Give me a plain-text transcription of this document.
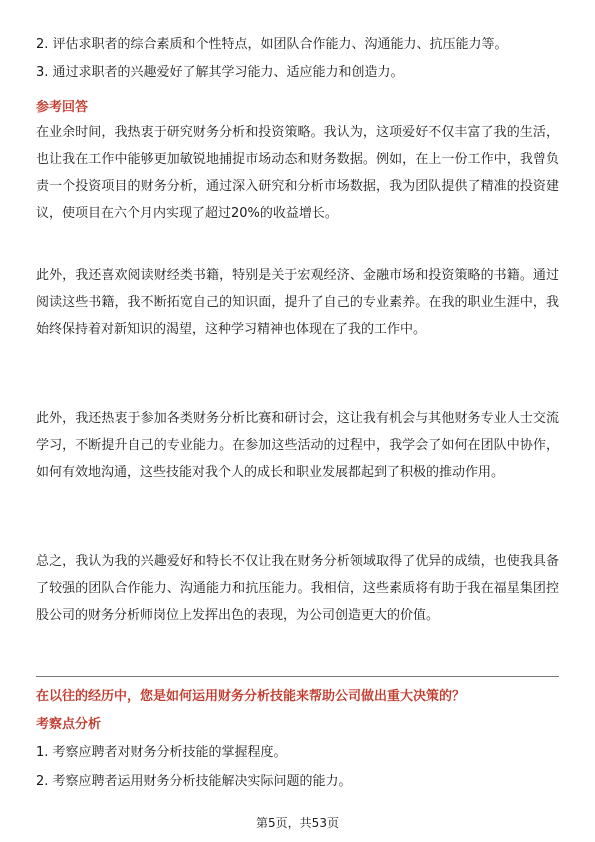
2. 评估求职者的综合素质和个性特点，如团队合作能力、沟通能力、抗压能力等。
3. 通过求职者的兴趣爱好了解其学习能力、适应能力和创造力。
参考回答
在业余时间，我热衷于研究财务分析和投资策略。我认为，这项爱好不仅丰富了我的生活，也让我在工作中能够更加敏锐地捕捉市场动态和财务数据。例如，在上一份工作中，我曾负责一个投资项目的财务分析，通过深入研究和分析市场数据，我为团队提供了精准的投资建议，使项目在六个月内实现了超过20%的收益增长。
此外，我还喜欢阅读财经类书籍，特别是关于宏观经济、金融市场和投资策略的书籍。通过阅读这些书籍，我不断拓宽自己的知识面，提升了自己的专业素养。在我的职业生涯中，我始终保持着对新知识的渴望，这种学习精神也体现在了我的工作中。
此外，我还热衷于参加各类财务分析比赛和研讨会，这让我有机会与其他财务专业人士交流学习，不断提升自己的专业能力。在参加这些活动的过程中，我学会了如何在团队中协作，如何有效地沟通，这些技能对我个人的成长和职业发展都起到了积极的推动作用。
总之，我认为我的兴趣爱好和特长不仅让我在财务分析领域取得了优异的成绩，也使我具备了较强的团队合作能力、沟通能力和抗压能力。我相信，这些素质将有助于我在福星集团控股公司的财务分析师岗位上发挥出色的表现，为公司创造更大的价值。
在以往的经历中，您是如何运用财务分析技能来帮助公司做出重大决策的？
考察点分析
1. 考察应聘者对财务分析技能的掌握程度。
2. 考察应聘者运用财务分析技能解决实际问题的能力。
第5页，共53页
